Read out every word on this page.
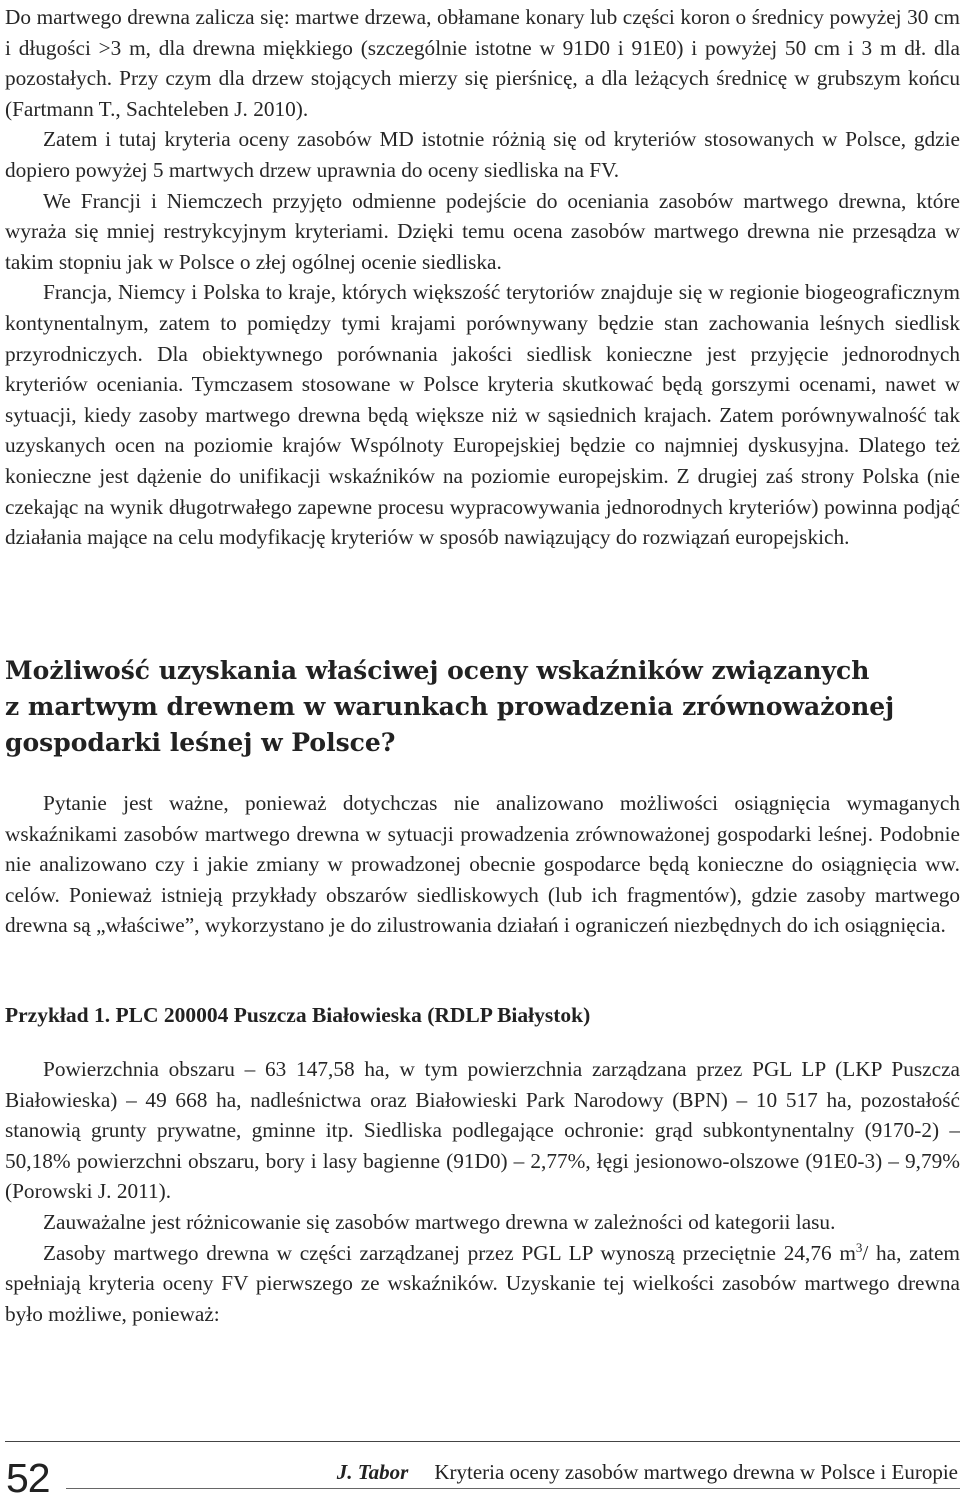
Do martwego drewna zalicza się: martwe drzewa, obłamane konary lub części koron o średnicy powyżej 30 cm i długości >3 m, dla drewna miękkiego (szczególnie istotne w 91D0 i 91E0) i powyżej 50 cm i 3 m dł. dla pozostałych. Przy czym dla drzew stojących mierzy się pierśnicę, a dla leżących średnicę w grubszym końcu (Fartmann T., Sachteleben J. 2010).

Zatem i tutaj kryteria oceny zasobów MD istotnie różnią się od kryteriów stosowanych w Polsce, gdzie dopiero powyżej 5 martwych drzew uprawnia do oceny siedliska na FV.

We Francji i Niemczech przyjęto odmienne podejście do oceniania zasobów martwego drewna, które wyraża się mniej restrykcyjnym kryteriami. Dzięki temu ocena zasobów martwego drewna nie przesądza w takim stopniu jak w Polsce o złej ogólnej ocenie siedliska.

Francja, Niemcy i Polska to kraje, których większość terytoriów znajduje się w regionie biogeograficznym kontynentalnym, zatem to pomiędzy tymi krajami porównywany będzie stan zachowania leśnych siedlisk przyrodniczych. Dla obiektywnego porównania jakości siedlisk konieczne jest przyjęcie jednorodnych kryteriów oceniania. Tymczasem stosowane w Polsce kryteria skutkować będą gorszymi ocenami, nawet w sytuacji, kiedy zasoby martwego drewna będą większe niż w sąsiednich krajach. Zatem porównywalność tak uzyskanych ocen na poziomie krajów Wspólnoty Europejskiej będzie co najmniej dyskusyjna. Dlatego też konieczne jest dążenie do unifikacji wskaźników na poziomie europejskim. Z drugiej zaś strony Polska (nie czekając na wynik długotrwałego zapewne procesu wypracowywania jednorodnych kryteriów) powinna podjąć działania mające na celu modyfikację kryteriów w sposób nawiązujący do rozwiązań europejskich.

Możliwość uzyskania właściwej oceny wskaźników związanych
z martwym drewnem w warunkach prowadzenia zrównoważonej
gospodarki leśnej w Polsce?

Pytanie jest ważne, ponieważ dotychczas nie analizowano możliwości osiągnięcia wymaganych wskaźnikami zasobów martwego drewna w sytuacji prowadzenia zrównoważonej gospodarki leśnej. Podobnie nie analizowano czy i jakie zmiany w prowadzonej obecnie gospodarce będą konieczne do osiągnięcia ww. celów. Ponieważ istnieją przykłady obszarów siedliskowych (lub ich fragmentów), gdzie zasoby martwego drewna są „właściwe”, wykorzystano je do zilustrowania działań i ograniczeń niezbędnych do ich osiągnięcia.

Przykład 1. PLC 200004 Puszcza Białowieska (RDLP Białystok)

Powierzchnia obszaru – 63 147,58 ha, w tym powierzchnia zarządzana przez PGL LP (LKP Puszcza Białowieska) – 49 668 ha, nadleśnictwa oraz Białowieski Park Narodowy (BPN) – 10 517 ha, pozostałość stanowią grunty prywatne, gminne itp. Siedliska podlegające ochronie: grąd subkontynentalny (9170-2) – 50,18% powierzchni obszaru, bory i lasy bagienne (91D0) – 2,77%, łęgi jesionowo-olszowe (91E0-3) – 9,79% (Porowski J. 2011).

Zauważalne jest różnicowanie się zasobów martwego drewna w zależności od kategorii lasu.

Zasoby martwego drewna w części zarządzanej przez PGL LP wynoszą przeciętnie 24,76 $m^3/$ ha, zatem spełniają kryteria oceny FV pierwszego ze wskaźników. Uzyskanie tej wielkości zasobów martwego drewna było możliwe, ponieważ:

52	J. Tabor Kryteria oceny zasobów martwego drewna w Polsce i Europie
